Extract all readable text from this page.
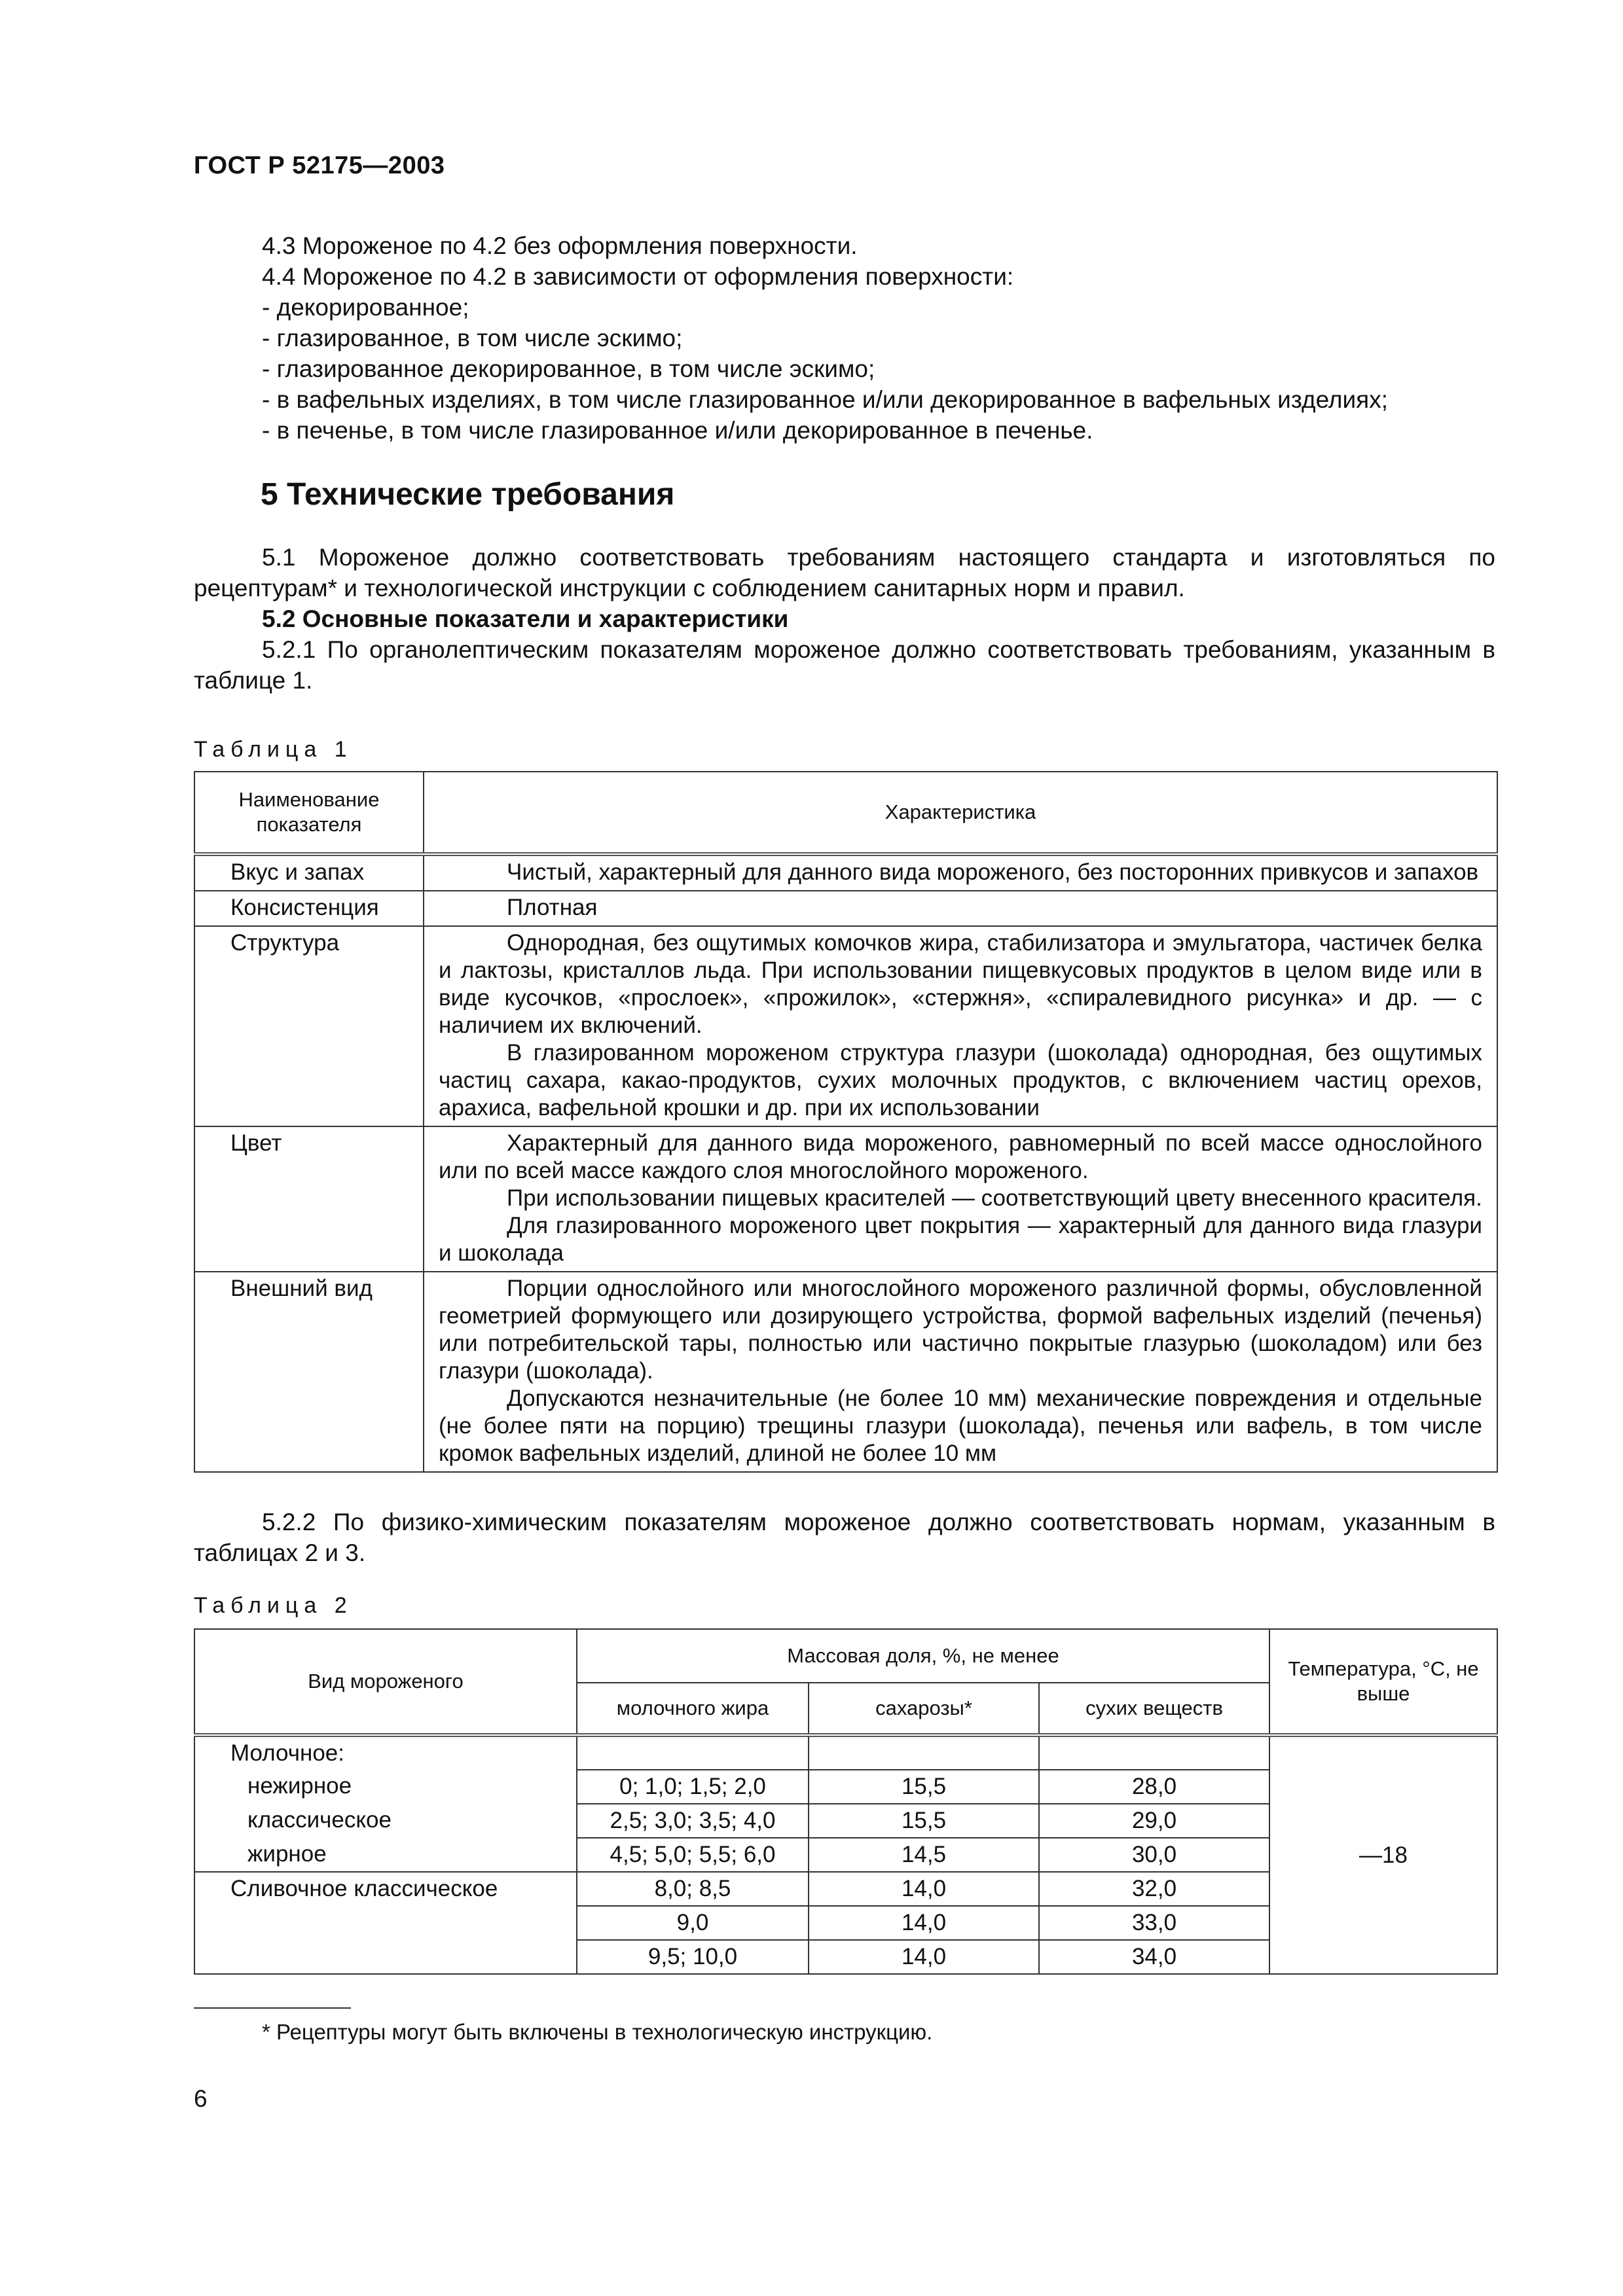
ГОСТ Р 52175—2003

4.3 Мороженое по 4.2 без оформления поверхности.

4.4 Мороженое по 4.2 в зависимости от оформления поверхности:

- декорированное;

- глазированное, в том числе эскимо;

- глазированное декорированное, в том числе эскимо;

- в вафельных изделиях, в том числе глазированное и/или декорированное в вафельных изделиях;

- в печенье, в том числе глазированное и/или декорированное в печенье.

5 Технические требования

5.1 Мороженое должно соответствовать требованиям настоящего стандарта и изготовляться по рецептурам* и технологической инструкции с соблюдением санитарных норм и правил.

5.2 Основные показатели и характеристики

5.2.1 По органолептическим показателям мороженое должно соответствовать требованиям, указанным в таблице 1.

Таблица 1
Наименование показателя	Характеристика
Вкус и запах	Чистый, характерный для данного вида мороженого, без посторонних привкусов и запахов

Консистенция	Плотная

Структура	Однородная, без ощутимых комочков жира, стабилизатора и эмульгатора, частичек белка и лактозы, кристаллов льда. При использовании пищевкусовых продуктов в целом виде или в виде кусочков, «прослоек», «прожилок», «стержня», «спиралевидного рисунка» и др. — с наличием их включений.
В глазированном мороженом структура глазури (шоколада) однородная, без ощутимых частиц сахара, какао-продуктов, сухих молочных продуктов, с включением частиц орехов, арахиса, вафельной крошки и др. при их использовании

Цвет	Характерный для данного вида мороженого, равномерный по всей массе однослойного или по всей массе каждого слоя многослойного мороженого.
При использовании пищевых красителей — соответствующий цвету внесенного красителя.
Для глазированного мороженого цвет покрытия — характерный для данного вида глазури и шоколада

Внешний вид	Порции однослойного или многослойного мороженого различной формы, обусловленной геометрией формующего или дозирующего устройства, формой вафельных изделий (печенья) или потребительской тары, полностью или частично покрытые глазурью (шоколадом) или без глазури (шоколада).
Допускаются незначительные (не более 10 мм) механические повреждения и отдельные (не более пяти на порцию) трещины глазури (шоколада), печенья или вафель, в том числе кромок вафельных изделий, длиной не более 10 мм

5.2.2 По физико-химическим показателям мороженое должно соответствовать нормам, указанным в таблицах 2 и 3.

Таблица 2
Вид мороженого	Массовая доля, %, не менее			Температура, °С, не выше
	молочного жира	сахарозы*	сухих веществ	
Молочное:				—18
нежирное	0; 1,0; 1,5; 2,0	15,5	28,0	
классическое	2,5; 3,0; 3,5; 4,0	15,5	29,0	
жирное	4,5; 5,0; 5,5; 6,0	14,5	30,0	
Сливочное классическое	8,0; 8,5	14,0	32,0	
	9,0	14,0	33,0	
	9,5; 10,0	14,0	34,0	
* Рецептуры могут быть включены в технологическую инструкцию.
6
